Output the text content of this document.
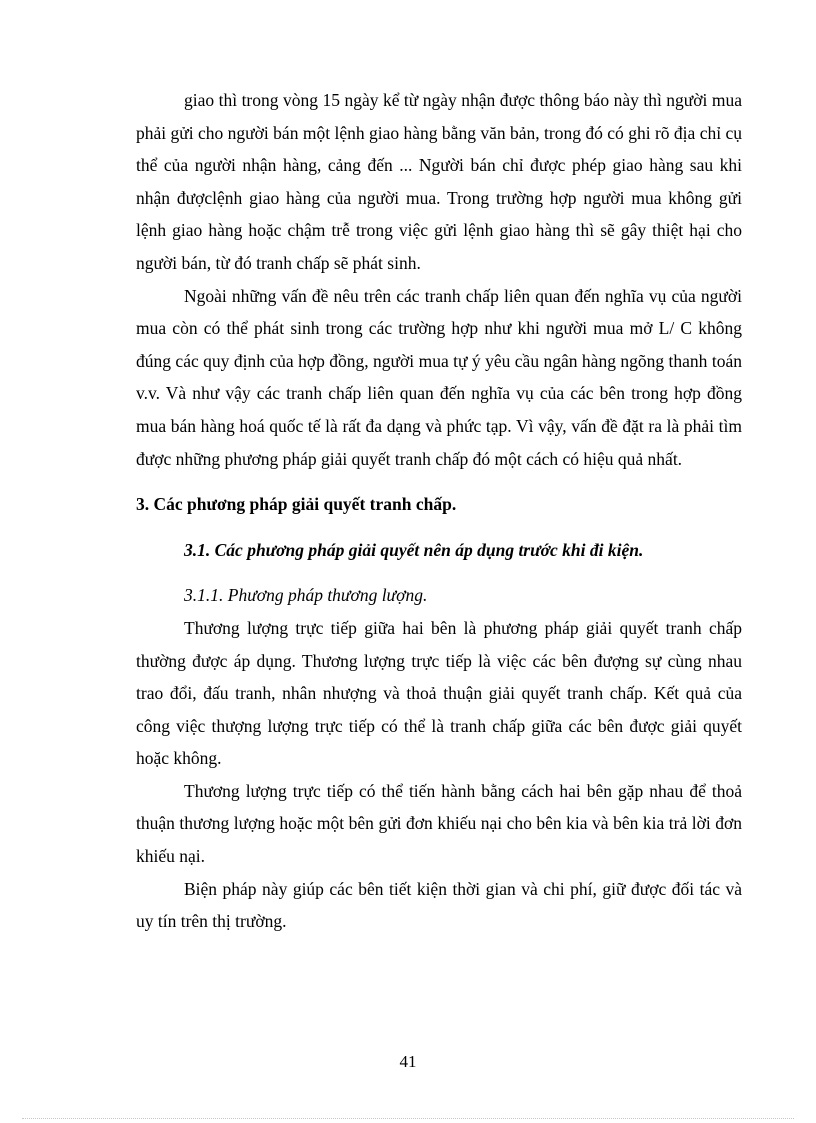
giao thì trong vòng 15 ngày kể từ ngày nhận được thông báo này thì người mua phải gửi cho người bán một lệnh giao hàng bằng văn bản, trong đó có ghi rõ địa chỉ cụ thể của người nhận hàng, cảng đến ... Người bán chỉ được phép giao hàng sau khi nhận đượclệnh giao hàng của người mua. Trong trường hợp người mua không gửi lệnh giao hàng hoặc chậm trễ trong việc gửi lệnh giao hàng thì sẽ gây thiệt hại cho người bán, từ đó tranh chấp sẽ phát sinh.

Ngoài những vấn đề nêu trên các tranh chấp liên quan đến nghĩa vụ của người mua còn có thể phát sinh trong các trường hợp như khi người mua mở L/ C không đúng các quy định của hợp đồng, người mua tự ý yêu cầu ngân hàng ngõng thanh toán v.v. Và như vậy các tranh chấp liên quan đến nghĩa vụ của các bên trong hợp đồng mua bán hàng hoá quốc tế là rất đa dạng và phức tạp. Vì vậy, vấn đề đặt ra là phải tìm được những phương pháp giải quyết tranh chấp đó một cách có hiệu quả nhất.

3. Các phương pháp giải quyết tranh chấp.
3.1. Các phương pháp giải quyết nên áp dụng trước khi đi kiện.
3.1.1. Phương pháp thương lượng.

Thương lượng trực tiếp giữa hai bên là phương pháp giải quyết tranh chấp thường được áp dụng. Thương lượng trực tiếp là việc các bên đượng sự cùng nhau trao đổi, đấu tranh, nhân nhượng và thoả thuận giải quyết tranh chấp. Kết quả của công việc thượng lượng trực tiếp có thể là tranh chấp giữa các bên được giải quyết hoặc không.

Thương lượng trực tiếp có thể tiến hành bằng cách hai bên gặp nhau để thoả thuận thương lượng hoặc một bên gửi đơn khiếu nại cho bên kia và bên kia trả lời đơn khiếu nại.

Biện pháp này giúp các bên tiết kiện thời gian và chi phí, giữ được đối tác và uy tín trên thị trường.

41
